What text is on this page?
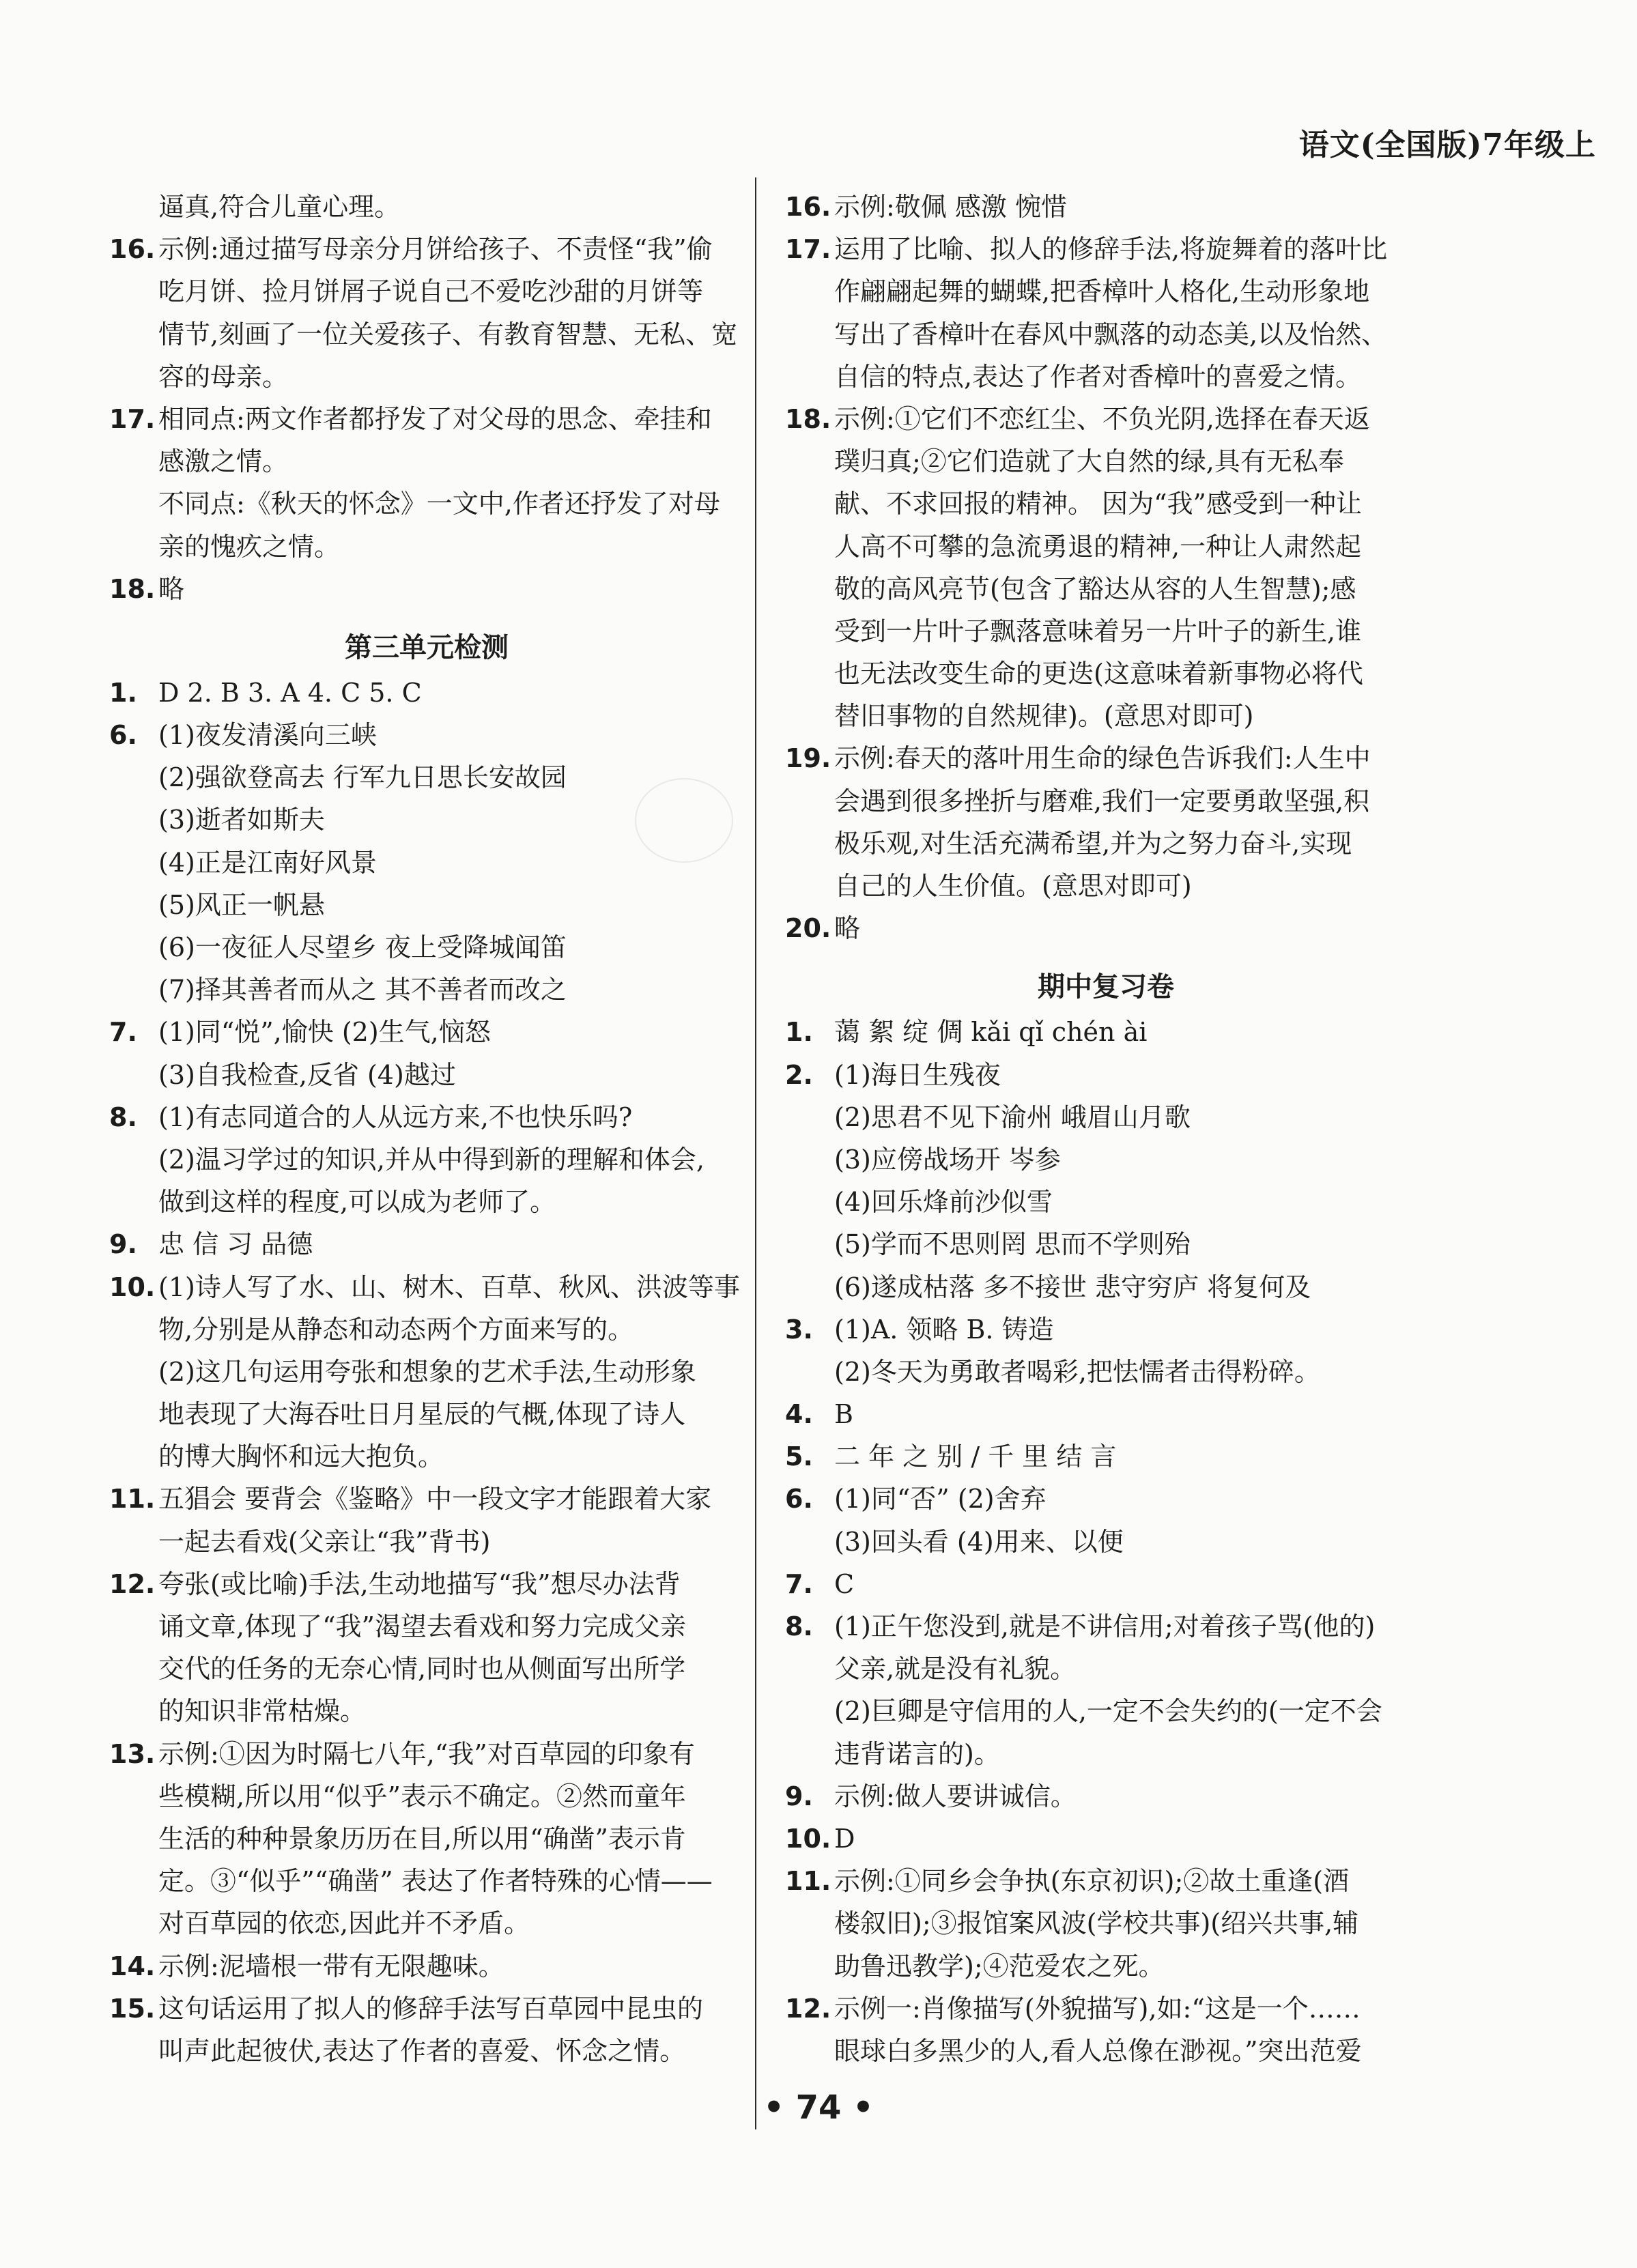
语文(全国版)7年级上
逼真,符合儿童心理。
16. 示例:通过描写母亲分月饼给孩子、不责怪“我”偷
吃月饼、捡月饼屑子说自己不爱吃沙甜的月饼等
情节,刻画了一位关爱孩子、有教育智慧、无私、宽
容的母亲。
17. 相同点:两文作者都抒发了对父母的思念、牵挂和
感激之情。
不同点:《秋天的怀念》一文中,作者还抒发了对母
亲的愧疚之情。
18. 略
第三单元检测
1. D 2. B 3. A 4. C 5. C
6. (1)夜发清溪向三峡
(2)强欲登高去 行军九日思长安故园
(3)逝者如斯夫
(4)正是江南好风景
(5)风正一帆悬
(6)一夜征人尽望乡 夜上受降城闻笛
(7)择其善者而从之 其不善者而改之
7. (1)同“悦”,愉快 (2)生气,恼怒
(3)自我检查,反省 (4)越过
8. (1)有志同道合的人从远方来,不也快乐吗?
(2)温习学过的知识,并从中得到新的理解和体会,
做到这样的程度,可以成为老师了。
9. 忠 信 习 品德
10. (1)诗人写了水、山、树木、百草、秋风、洪波等事
物,分别是从静态和动态两个方面来写的。
(2)这几句运用夸张和想象的艺术手法,生动形象
地表现了大海吞吐日月星辰的气概,体现了诗人
的博大胸怀和远大抱负。
11. 五猖会 要背会《鉴略》中一段文字才能跟着大家
一起去看戏(父亲让“我”背书)
12. 夸张(或比喻)手法,生动地描写“我”想尽办法背
诵文章,体现了“我”渴望去看戏和努力完成父亲
交代的任务的无奈心情,同时也从侧面写出所学
的知识非常枯燥。
13. 示例:①因为时隔七八年,“我”对百草园的印象有
些模糊,所以用“似乎”表示不确定。②然而童年
生活的种种景象历历在目,所以用“确凿”表示肯
定。③“似乎”“确凿” 表达了作者特殊的心情——
对百草园的依恋,因此并不矛盾。
14. 示例:泥墙根一带有无限趣味。
15. 这句话运用了拟人的修辞手法写百草园中昆虫的
叫声此起彼伏,表达了作者的喜爱、怀念之情。
16. 示例:敬佩 感激 惋惜
17. 运用了比喻、拟人的修辞手法,将旋舞着的落叶比
作翩翩起舞的蝴蝶,把香樟叶人格化,生动形象地
写出了香樟叶在春风中飘落的动态美,以及怡然、
自信的特点,表达了作者对香樟叶的喜爱之情。
18. 示例:①它们不恋红尘、不负光阴,选择在春天返
璞归真;②它们造就了大自然的绿,具有无私奉
献、不求回报的精神。 因为“我”感受到一种让
人高不可攀的急流勇退的精神,一种让人肃然起
敬的高风亮节(包含了豁达从容的人生智慧);感
受到一片叶子飘落意味着另一片叶子的新生,谁
也无法改变生命的更迭(这意味着新事物必将代
替旧事物的自然规律)。(意思对即可)
19. 示例:春天的落叶用生命的绿色告诉我们:人生中
会遇到很多挫折与磨难,我们一定要勇敢坚强,积
极乐观,对生活充满希望,并为之努力奋斗,实现
自己的人生价值。(意思对即可)
20. 略
期中复习卷
1. 蔼 絮 绽 倜 kǎi qǐ chén ài
2. (1)海日生残夜
(2)思君不见下渝州 峨眉山月歌
(3)应傍战场开 岑参
(4)回乐烽前沙似雪
(5)学而不思则罔 思而不学则殆
(6)遂成枯落 多不接世 悲守穷庐 将复何及
3. (1)A. 领略 B. 铸造
(2)冬天为勇敢者喝彩,把怯懦者击得粉碎。
4. B
5. 二 年 之 别 / 千 里 结 言
6. (1)同“否” (2)舍弃
(3)回头看 (4)用来、以便
7. C
8. (1)正午您没到,就是不讲信用;对着孩子骂(他的)
父亲,就是没有礼貌。
(2)巨卿是守信用的人,一定不会失约的(一定不会
违背诺言的)。
9. 示例:做人要讲诚信。
10. D
11. 示例:①同乡会争执(东京初识);②故土重逢(酒
楼叙旧);③报馆案风波(学校共事)(绍兴共事,辅
助鲁迅教学);④范爱农之死。
12. 示例一:肖像描写(外貌描写),如:“这是一个……
眼球白多黑少的人,看人总像在渺视。”突出范爱
• 74 •
